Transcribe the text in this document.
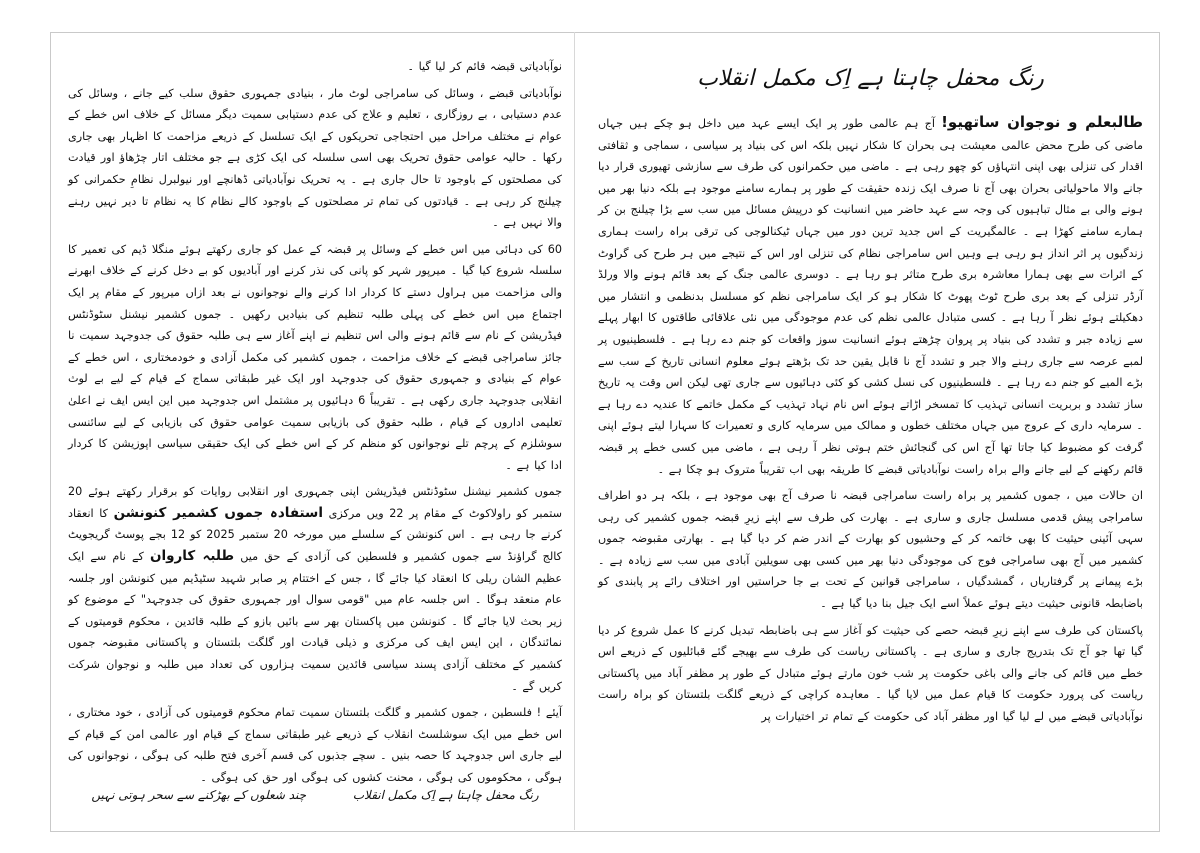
رنگ محفل چاہتا ہے اِک مکمل انقلاب

طالبعلم و نوجوان ساتھیو! آج ہم عالمی طور پر ایک ایسے عہد میں داخل ہو چکے ہیں جہاں ماضی کی طرح محض عالمی معیشت ہی بحران کا شکار نہیں بلکہ اس کی بنیاد پر سیاسی ، سماجی و ثقافتی اقدار کی تنزلی بھی اپنی انتہاؤں کو چھو رہی ہے ۔ ماضی میں حکمرانوں کی طرف سے سازشی تھیوری قرار دیا جانے والا ماحولیاتی بحران بھی آج نا صرف ایک زندہ حقیقت کے طور پر ہمارے سامنے موجود ہے بلکہ دنیا بھر میں ہونے والی بے مثال تباہیوں کی وجہ سے عہد حاضر میں انسانیت کو درپیش مسائل میں سب سے بڑا چیلنج بن کر ہمارے سامنے کھڑا ہے ۔ عالمگیریت کے اس جدید ترین دور میں جہاں ٹیکنالوجی کی ترقی براہ راست ہماری زندگیوں پر اثر انداز ہو رہی ہے وہیں اس سامراجی نظام کی تنزلی اور اس کے نتیجے میں ہر طرح کی گراوٹ کے اثرات سے بھی ہمارا معاشرہ بری طرح متاثر ہو رہا ہے ۔ دوسری عالمی جنگ کے بعد قائم ہونے والا ورلڈ آرڈر تنزلی کے بعد بری طرح ٹوٹ پھوٹ کا شکار ہو کر ایک سامراجی نظم کو مسلسل بدنظمی و انتشار میں دھکیلتے ہوئے نظر آ رہا ہے ۔ کسی متبادل عالمی نظم کی عدم موجودگی میں نئی علاقائی طاقتوں کا ابھار پہلے سے زیادہ جبر و تشدد کی بنیاد پر پروان چڑھتے ہوئے انسانیت سوز واقعات کو جنم دے رہا ہے ۔ فلسطینیوں پر لمبے عرصہ سے جاری رہنے والا جبر و تشدد آج نا قابل یقین حد تک بڑھتے ہوئے معلوم انسانی تاریخ کے سب سے بڑے المیے کو جنم دے رہا ہے ۔ فلسطینیوں کی نسل کشی کو کئی دہائیوں سے جاری تھی لیکن اس وقت یہ تاریخ ساز تشدد و بربریت انسانی تہذیب کا تمسخر اڑاتے ہوئے اس نام نہاد تہذیب کے مکمل خاتمے کا عندیہ دے رہا ہے ۔ سرمایہ داری کے عروج میں جہاں مختلف خطوں و ممالک میں سرمایہ کاری و تعمیرات کا سہارا لیتے ہوئے اپنی گرفت کو مضبوط کیا جاتا تھا آج اس کی گنجائش ختم ہوتی نظر آ رہی ہے ، ماضی میں کسی خطے پر قبضہ قائم رکھنے کے لیے جانے والے براہ راست نوآبادیاتی قبضے کا طریقہ بھی اب تقریباً متروک ہو چکا ہے ۔

ان حالات میں ، جموں کشمیر پر براہ راست سامراجی قبضہ نا صرف آج بھی موجود ہے ، بلکہ ہر دو اطراف سامراجی پیش قدمی مسلسل جاری و ساری ہے ۔ بھارت کی طرف سے اپنے زیرِ قبضہ جموں کشمیر کی رہی سہی آئینی حیثیت کا بھی خاتمہ کر کے وحشیوں کو بھارت کے اندر ضم کر دیا گیا ہے ۔ بھارتی مقبوضہ جموں کشمیر میں آج بھی سامراجی فوج کی موجودگی دنیا بھر میں کسی بھی سویلین آبادی میں سب سے زیادہ ہے ۔ بڑے پیمانے پر گرفتاریاں ، گمشدگیاں ، سامراجی قوانین کے تحت بے جا حراستیں اور اختلاف رائے پر پابندی کو باضابطہ قانونی حیثیت دیتے ہوئے عملاً اسے ایک جیل بنا دیا گیا ہے ۔

پاکستان کی طرف سے اپنے زیرِ قبضہ حصے کی حیثیت کو آغاز سے ہی باضابطہ تبدیل کرنے کا عمل شروع کر دیا گیا تھا جو آج تک بتدریج جاری و ساری ہے ۔ پاکستانی ریاست کی طرف سے بھیجے گئے قبائلیوں کے ذریعے اس خطے میں قائم کی جانے والی باغی حکومت پر شب خون مارتے ہوئے متبادل کے طور پر مظفر آباد میں پاکستانی ریاست کی پرورد حکومت کا قیام عمل میں لایا گیا ۔ معاہدہ کراچی کے ذریعے گلگت بلتستان کو براہ راست نوآبادیاتی قبضے میں لے لیا گیا اور مظفر آباد کی حکومت کے تمام تر اختیارات پر

نوآبادیاتی قبضہ قائم کر لیا گیا ۔

نوآبادیاتی قبضے ، وسائل کی سامراجی لوٹ مار ، بنیادی جمہوری حقوق سلب کیے جانے ، وسائل کی عدم دستیابی ، بے روزگاری ، تعلیم و علاج کی عدم دستیابی سمیت دیگر مسائل کے خلاف اس خطے کے عوام نے مختلف مراحل میں احتجاجی تحریکوں کے ایک تسلسل کے ذریعے مزاحمت کا اظہار بھی جاری رکھا ۔ حالیہ عوامی حقوق تحریک بھی اسی سلسلہ کی ایک کڑی ہے جو مختلف اتار چڑھاؤ اور قیادت کی مصلحتوں کے باوجود تا حال جاری ہے ۔ یہ تحریک نوآبادیاتی ڈھانچے اور نیولبرل نظامِ حکمرانی کو چیلنج کر رہی ہے ۔ قیادتوں کی تمام تر مصلحتوں کے باوجود کالے نظام کا یہ نظام تا دیر نہیں رہنے والا نہیں ہے ۔

60 کی دہائی میں اس خطے کے وسائل پر قبضہ کے عمل کو جاری رکھتے ہوئے منگلا ڈیم کی تعمیر کا سلسلہ شروع کیا گیا ۔ میرپور شہر کو پانی کی نذر کرنے اور آبادیوں کو بے دخل کرنے کے خلاف ابھرنے والی مزاحمت میں ہراول دستے کا کردار ادا کرنے والے نوجوانوں نے بعد ازاں میرپور کے مقام پر ایک اجتماع میں اس خطے کی پہلی طلبہ تنظیم کی بنیادیں رکھیں ۔ جموں کشمیر نیشنل سٹوڈنٹس فیڈریشن کے نام سے قائم ہونے والی اس تنظیم نے اپنے آغاز سے ہی طلبہ حقوق کی جدوجہد سمیت نا جائز سامراجی قبضے کے خلاف مزاحمت ، جموں کشمیر کی مکمل آزادی و خودمختاری ، اس خطے کے عوام کے بنیادی و جمہوری حقوق کی جدوجہد اور ایک غیر طبقاتی سماج کے قیام کے لیے بے لوث انقلابی جدوجہد جاری رکھی ہے ۔ تقریباً 6 دہائیوں پر مشتمل اس جدوجہد میں این ایس ایف نے اعلیٰ تعلیمی اداروں کے قیام ، طلبہ حقوق کی بازیابی سمیت عوامی حقوق کی بازیابی کے لیے سائنسی سوشلزم کے پرچم تلے نوجوانوں کو منظم کر کے اس خطے کی ایک حقیقی سیاسی اپوزیشن کا کردار ادا کیا ہے ۔

جموں کشمیر نیشنل سٹوڈنٹس فیڈریشن اپنی جمہوری اور انقلابی روایات کو برقرار رکھتے ہوئے 20 ستمبر کو راولاکوٹ کے مقام پر 22 ویں مرکزی استفادہ جموں کشمیر کنونشن کا انعقاد کرنے جا رہی ہے ۔ اس کنونشن کے سلسلے میں مورخہ 20 ستمبر 2025 کو 12 بجے پوسٹ گریجویٹ کالج گراؤنڈ سے جموں کشمیر و فلسطین کی آزادی کے حق میں طلبہ کاروان کے نام سے ایک عظیم الشان ریلی کا انعقاد کیا جائے گا ، جس کے اختتام پر صابر شہید سٹیڈیم میں کنونشن اور جلسہ عام منعقد ہوگا ۔ اس جلسہ عام میں "قومی سوال اور جمہوری حقوق کی جدوجہد" کے موضوع کو زیر بحث لایا جائے گا ۔ کنونشن میں پاکستان بھر سے بائیں بازو کے طلبہ قائدین ، محکوم قومیتوں کے نمائندگان ، این ایس ایف کی مرکزی و ذیلی قیادت اور گلگت بلتستان و پاکستانی مقبوضہ جموں کشمیر کے مختلف آزادی پسند سیاسی قائدین سمیت ہزاروں کی تعداد میں طلبہ و نوجوان شرکت کریں گے ۔

آیئے ! فلسطین ، جموں کشمیر و گلگت بلتستان سمیت تمام محکوم قومیتوں کی آزادی ، خود مختاری ، اس خطے میں ایک سوشلسٹ انقلاب کے ذریعے غیر طبقاتی سماج کے قیام اور عالمی امن کے قیام کے لیے جاری اس جدوجہد کا حصہ بنیں ۔ سچے جذبوں کی قسم آخری فتح طلبہ کی ہوگی ، نوجوانوں کی ہوگی ، محکوموں کی ہوگی ، محنت کشوں کی ہوگی اور حق کی ہوگی ۔

رنگ محفل چاہتا ہے اِک مکمل انقلاب
چند شعلوں کے بھڑکنے سے سحر ہوتی نہیں
